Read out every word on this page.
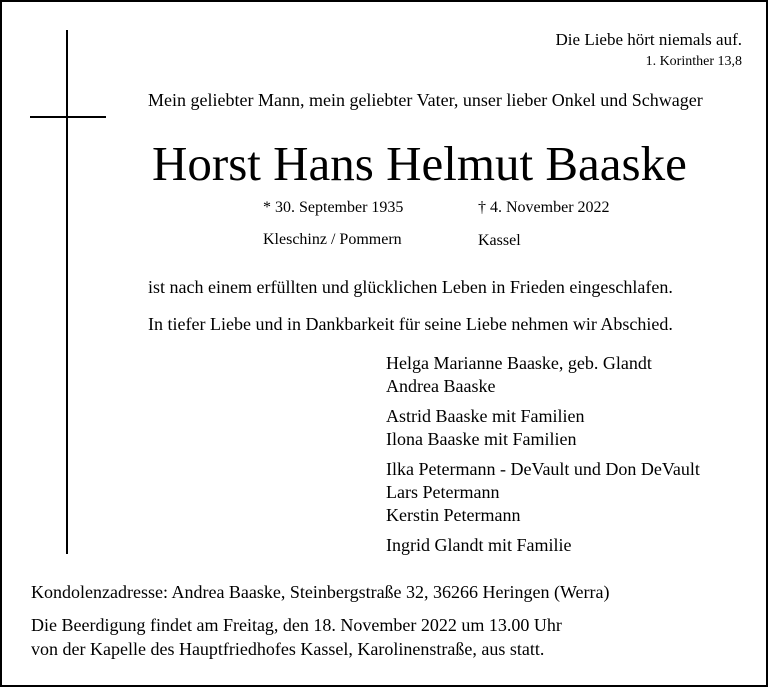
Die Liebe hört niemals auf.
1. Korinther 13,8
Mein geliebter Mann, mein geliebter Vater, unser lieber Onkel und Schwager
Horst Hans Helmut Baaske
* 30. September 1935	† 4. November 2022
Kleschinz / Pommern	Kassel
ist nach einem erfüllten und glücklichen Leben in Frieden eingeschlafen.
In tiefer Liebe und in Dankbarkeit für seine Liebe nehmen wir Abschied.
Helga Marianne Baaske, geb. Glandt
Andrea Baaske
Astrid Baaske mit Familien
Ilona Baaske mit Familien
Ilka Petermann - DeVault und Don DeVault
Lars Petermann
Kerstin Petermann
Ingrid Glandt mit Familie
Kondolenzadresse: Andrea Baaske, Steinbergstraße 32, 36266 Heringen (Werra)
Die Beerdigung findet am Freitag, den 18. November 2022 um 13.00 Uhr
von der Kapelle des Hauptfriedhofes Kassel, Karolinenstraße, aus statt.
